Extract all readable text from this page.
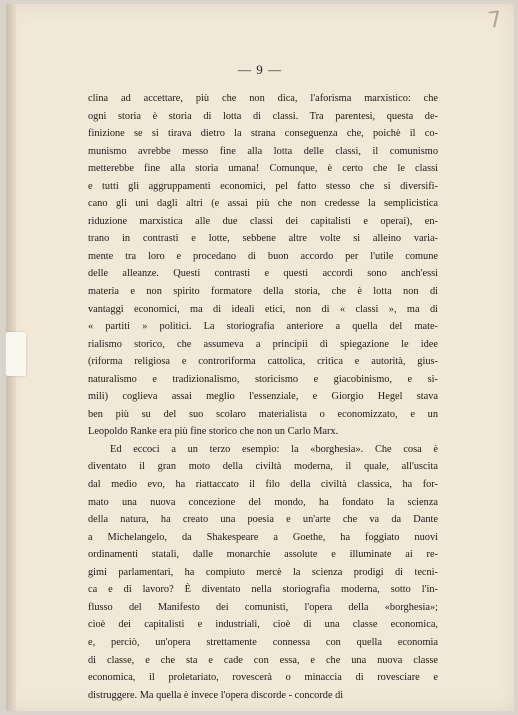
7
— 9 —
clina ad accettare, più che non dica, l'aforisma marxistico: che
ogni storia è storia di lotta di classi. Tra parentesi, questa de-
finizione se si tirava dietro la strana conseguenza che, poichè il co-
munismo avrebbe messo fine alla lotta delle classi, il comunismo
metterebbe fine alla storia umana! Comunque, è certo che le classi
e tutti gli aggruppamenti economici, pel fatto stesso che si diversifi-
cano gli uni dagli altri (e assai più che non credesse la semplicistica
riduzione marxistica alle due classi dei capitalisti e operai), en-
trano in contrasti e lotte, sebbene altre volte si alleino varia-
mente tra loro e procedano di buon accordo per l'utile comune
delle alleanze. Questi contrasti e questi accordi sono anch'essi
materia e non spirito formatore della storia, che è lotta non di
vantaggi economici, ma di ideali etici, non di « classi », ma di
« partiti » politici. La storiografia anteriore a quella del mate-
rialismo storico, che assumeva a principii di spiegazione le idee
(riforma religiosa e controriforma cattolica, critica e autorità, gius-
naturalismo e tradizionalismo, storicismo e giacobinismo, e si-
mili) coglieva assai meglio l'essenziale, e Giorgio Hegel stava
ben più su del suo scolaro materialista o economizzato, e un
Leopoldo Ranke era più fine storico che non un Carlo Marx.
Ed eccoci a un terzo esempio: la «borghesia». Che cosa è
diventato il gran moto della civiltà moderna, il quale, all'uscita
dal medio evo, ha riattaccato il filo della civiltà classica, ha for-
mato una nuova concezione del mondo, ha fondato la scienza
della natura, ha creato una poesia e un'arte che va da Dante
a Michelangelo, da Shakespeare a Goethe, ha foggiato nuovi
ordinamenti statali, dalle monarchie assolute e illuminate ai re-
gimi parlamentari, ha compiuto mercè la scienza prodigi di tecni-
ca e di lavoro? È diventato nella storiografia moderna, sotto l'in-
flusso del Manifesto dei comunisti, l'opera della «borghesia»;
cioè dei capitalisti e industriali, cioè di una classe economica,
e, perciò, un'opera strettamente connessa con quella economia
di classe, e che sta e cade con essa, e che una nuova classe
economica, il proletariato, rovescerà o minaccia di rovesciare e
distruggere. Ma quella è invece l'opera discorde - concorde di
